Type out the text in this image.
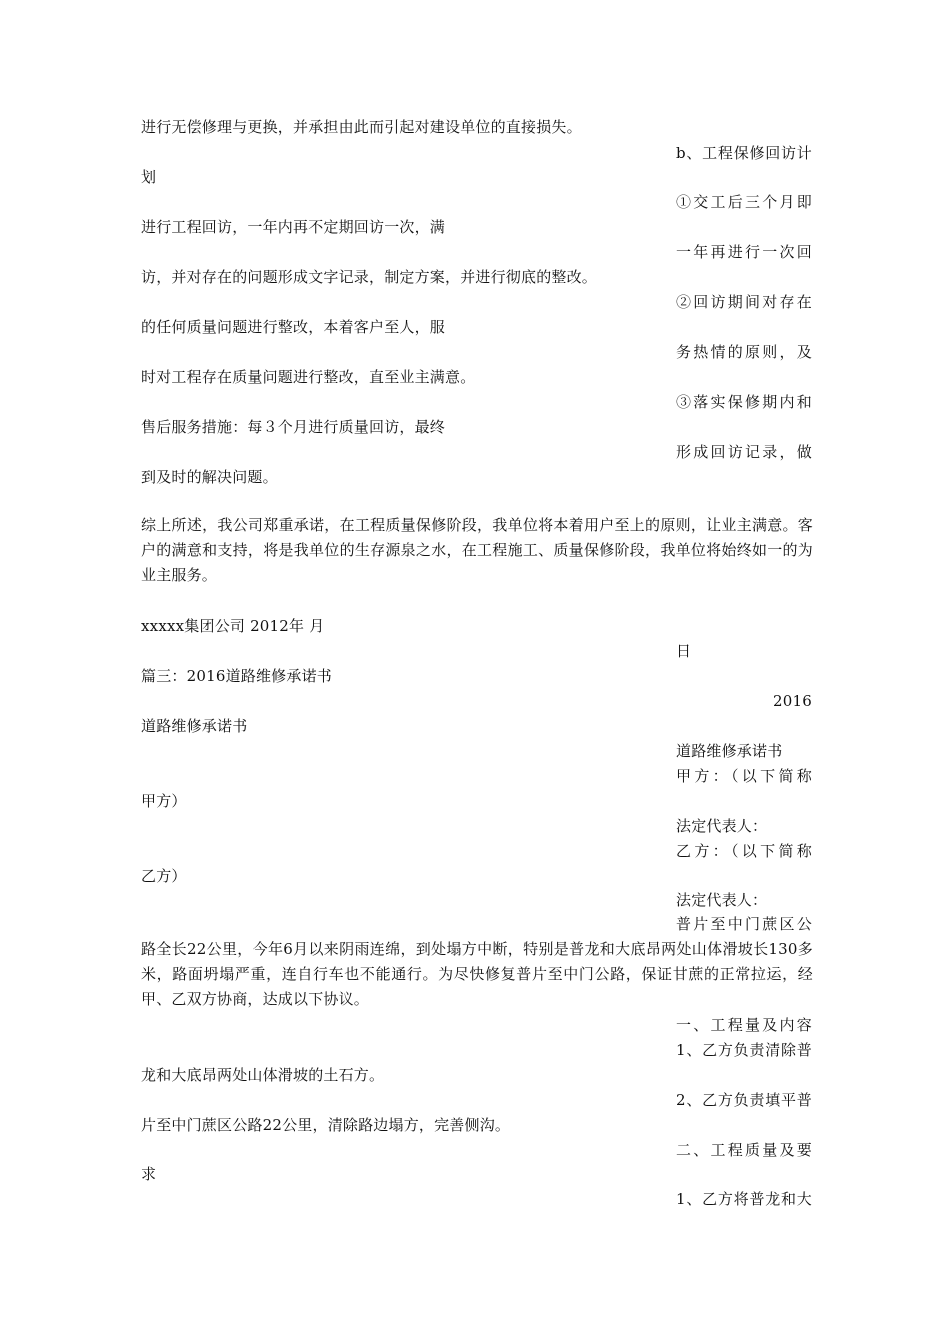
进行无偿修理与更换，并承担由此而引起对建设单位的直接损失。
b、工程保修回访计
划
①交工后三个月即
进行工程回访，一年内再不定期回访一次，满
一年再进行一次回
访，并对存在的问题形成文字记录，制定方案，并进行彻底的整改。
②回访期间对存在
的任何质量问题进行整改，本着客户至人，服
务热情的原则，及
时对工程存在质量问题进行整改，直至业主满意。
③落实保修期内和
售后服务措施：每３个月进行质量回访，最终
形成回访记录，做
到及时的解决问题。
综上所述，我公司郑重承诺，在工程质量保修阶段，我单位将本着用户至上的原则，让业主满意。客户的满意和支持，将是我单位的生存源泉之水，在工程施工、质量保修阶段，我单位将始终如一的为业主服务。
xxxxx集团公司 2012年 月
日
篇三：2016道路维修承诺书
2016
道路维修承诺书
道路维修承诺书
甲方：（以下简称
甲方）
法定代表人：
乙方：（以下简称
乙方）
法定代表人：
普片至中门蔗区公
路全长22公里，今年6月以来阴雨连绵，到处塌方中断，特别是普龙和大底昂两处山体滑坡长130多米，路面坍塌严重，连自行车也不能通行。为尽快修复普片至中门公路，保证甘蔗的正常拉运，经甲、乙双方协商，达成以下协议。
一、工程量及内容
1、乙方负责清除普
龙和大底昂两处山体滑坡的土石方。
2、乙方负责填平普
片至中门蔗区公路22公里，清除路边塌方，完善侧沟。
二、工程质量及要
求
1、乙方将普龙和大
